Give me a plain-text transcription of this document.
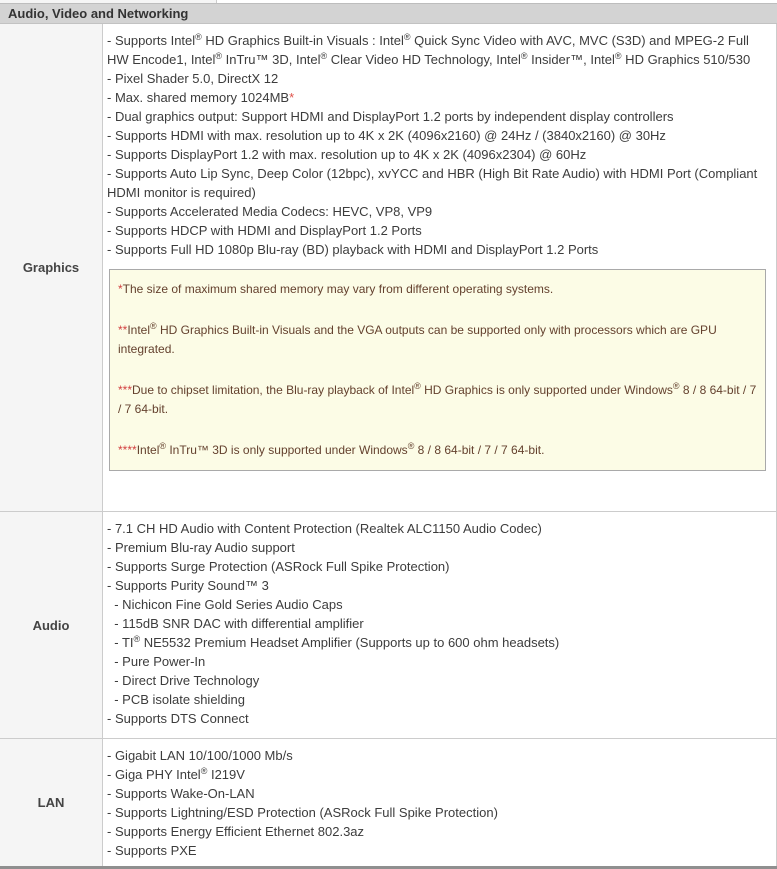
Audio, Video and Networking
Graphics
- Supports Intel® HD Graphics Built-in Visuals : Intel® Quick Sync Video with AVC, MVC (S3D) and MPEG-2 Full HW Encode1, Intel® InTru™ 3D, Intel® Clear Video HD Technology, Intel® Insider™, Intel® HD Graphics 510/530
- Pixel Shader 5.0, DirectX 12
- Max. shared memory 1024MB*
- Dual graphics output: Support HDMI and DisplayPort 1.2 ports by independent display controllers
- Supports HDMI with max. resolution up to 4K x 2K (4096x2160) @ 24Hz / (3840x2160) @ 30Hz
- Supports DisplayPort 1.2 with max. resolution up to 4K x 2K (4096x2304) @ 60Hz
- Supports Auto Lip Sync, Deep Color (12bpc), xvYCC and HBR (High Bit Rate Audio) with HDMI Port (Compliant HDMI monitor is required)
- Supports Accelerated Media Codecs: HEVC, VP8, VP9
- Supports HDCP with HDMI and DisplayPort 1.2 Ports
- Supports Full HD 1080p Blu-ray (BD) playback with HDMI and DisplayPort 1.2 Ports

*The size of maximum shared memory may vary from different operating systems.

**Intel® HD Graphics Built-in Visuals and the VGA outputs can be supported only with processors which are GPU integrated.

***Due to chipset limitation, the Blu-ray playback of Intel® HD Graphics is only supported under Windows® 8 / 8 64-bit / 7 / 7 64-bit.

****Intel® InTru™ 3D is only supported under Windows® 8 / 8 64-bit / 7 / 7 64-bit.

Audio
- 7.1 CH HD Audio with Content Protection (Realtek ALC1150 Audio Codec)
- Premium Blu-ray Audio support
- Supports Surge Protection (ASRock Full Spike Protection)
- Supports Purity Sound™ 3
- Nichicon Fine Gold Series Audio Caps
- 115dB SNR DAC with differential amplifier
- TI® NE5532 Premium Headset Amplifier (Supports up to 600 ohm headsets)
- Pure Power-In
- Direct Drive Technology
- PCB isolate shielding
- Supports DTS Connect
LAN
- Gigabit LAN 10/100/1000 Mb/s
- Giga PHY Intel® I219V
- Supports Wake-On-LAN
- Supports Lightning/ESD Protection (ASRock Full Spike Protection)
- Supports Energy Efficient Ethernet 802.3az
- Supports PXE
